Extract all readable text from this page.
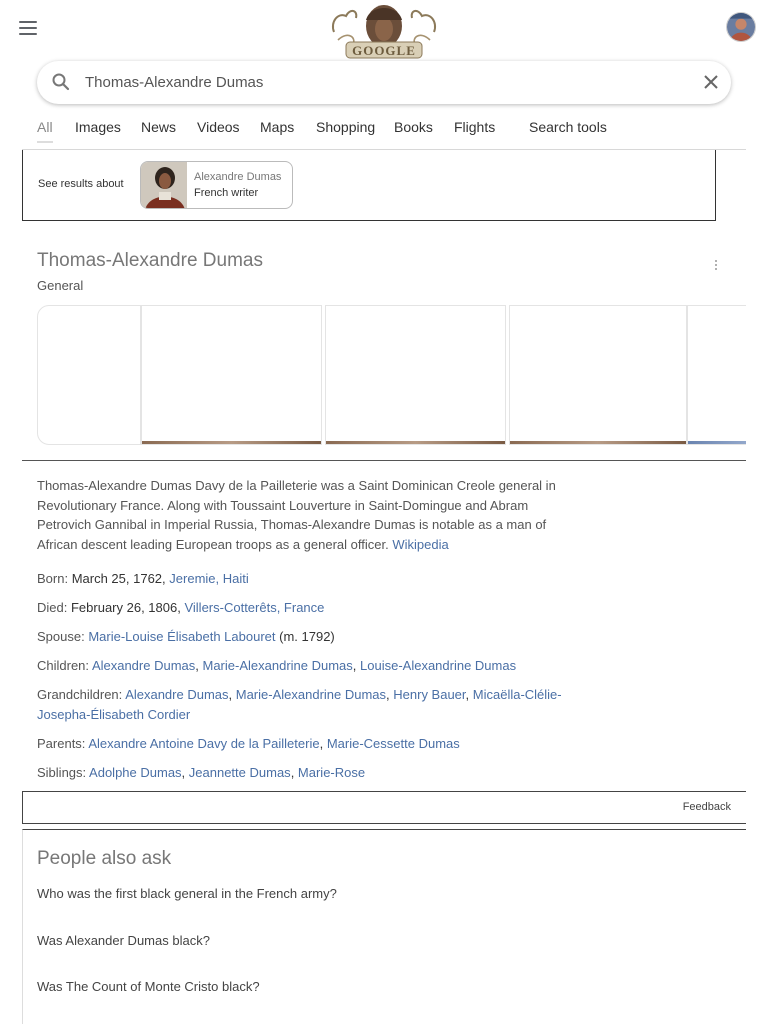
GOOGLE
Thomas-Alexandre Dumas
All Images News Videos Maps Shopping Books Flights Search tools
See results about
Alexandre Dumas
French writer
Thomas-Alexandre Dumas
General
Thomas-Alexandre Dumas Davy de la Pailleterie was a Saint Dominican Creole general in Revolutionary France. Along with Toussaint Louverture in Saint-Domingue and Abram Petrovich Gannibal in Imperial Russia, Thomas-Alexandre Dumas is notable as a man of African descent leading European troops as a general officer. Wikipedia
Born: March 25, 1762, Jeremie, Haiti
Died: February 26, 1806, Villers-Cotterêts, France
Spouse: Marie-Louise Élisabeth Labouret (m. 1792)
Children: Alexandre Dumas, Marie-Alexandrine Dumas, Louise-Alexandrine Dumas
Grandchildren: Alexandre Dumas, Marie-Alexandrine Dumas, Henry Bauer, Micaëlla-Clélie-Josepha-Élisabeth Cordier
Parents: Alexandre Antoine Davy de la Pailleterie, Marie-Cessette Dumas
Siblings: Adolphe Dumas, Jeannette Dumas, Marie-Rose
Feedback
People also ask
Who was the first black general in the French army?
Was Alexander Dumas black?
Was The Count of Monte Cristo black?
